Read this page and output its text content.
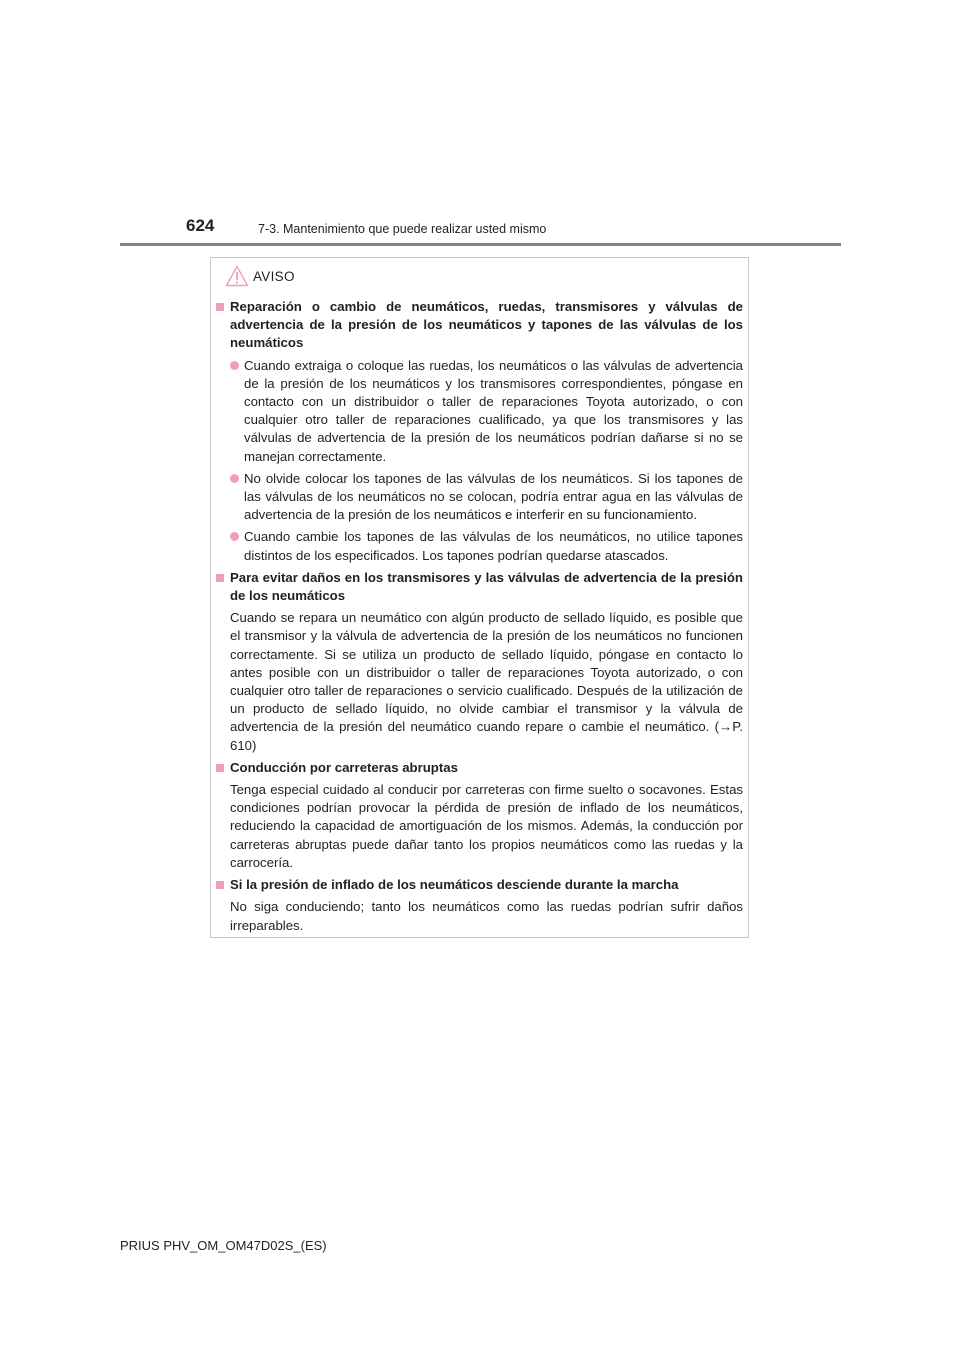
624	7-3. Mantenimiento que puede realizar usted mismo
AVISO
Reparación o cambio de neumáticos, ruedas, transmisores y válvulas de advertencia de la presión de los neumáticos y tapones de las válvulas de los neumáticos
Cuando extraiga o coloque las ruedas, los neumáticos o las válvulas de advertencia de la presión de los neumáticos y los transmisores correspondientes, póngase en contacto con un distribuidor o taller de reparaciones Toyota autorizado, o con cualquier otro taller de reparaciones cualificado, ya que los transmisores y las válvulas de advertencia de la presión de los neumáticos podrían dañarse si no se manejan correctamente.
No olvide colocar los tapones de las válvulas de los neumáticos. Si los tapones de las válvulas de los neumáticos no se colocan, podría entrar agua en las válvulas de advertencia de la presión de los neumáticos e interferir en su funcionamiento.
Cuando cambie los tapones de las válvulas de los neumáticos, no utilice tapones distintos de los especificados. Los tapones podrían quedarse atascados.
Para evitar daños en los transmisores y las válvulas de advertencia de la presión de los neumáticos
Cuando se repara un neumático con algún producto de sellado líquido, es posible que el transmisor y la válvula de advertencia de la presión de los neumáticos no funcionen correctamente. Si se utiliza un producto de sellado líquido, póngase en contacto lo antes posible con un distribuidor o taller de reparaciones Toyota autorizado, o con cualquier otro taller de reparaciones o servicio cualificado. Después de la utilización de un producto de sellado líquido, no olvide cambiar el transmisor y la válvula de advertencia de la presión del neumático cuando repare o cambie el neumático. (→P. 610)
Conducción por carreteras abruptas
Tenga especial cuidado al conducir por carreteras con firme suelto o socavones. Estas condiciones podrían provocar la pérdida de presión de inflado de los neumáticos, reduciendo la capacidad de amortiguación de los mismos. Además, la conducción por carreteras abruptas puede dañar tanto los propios neumáticos como las ruedas y la carrocería.
Si la presión de inflado de los neumáticos desciende durante la marcha
No siga conduciendo; tanto los neumáticos como las ruedas podrían sufrir daños irreparables.
PRIUS PHV_OM_OM47D02S_(ES)
